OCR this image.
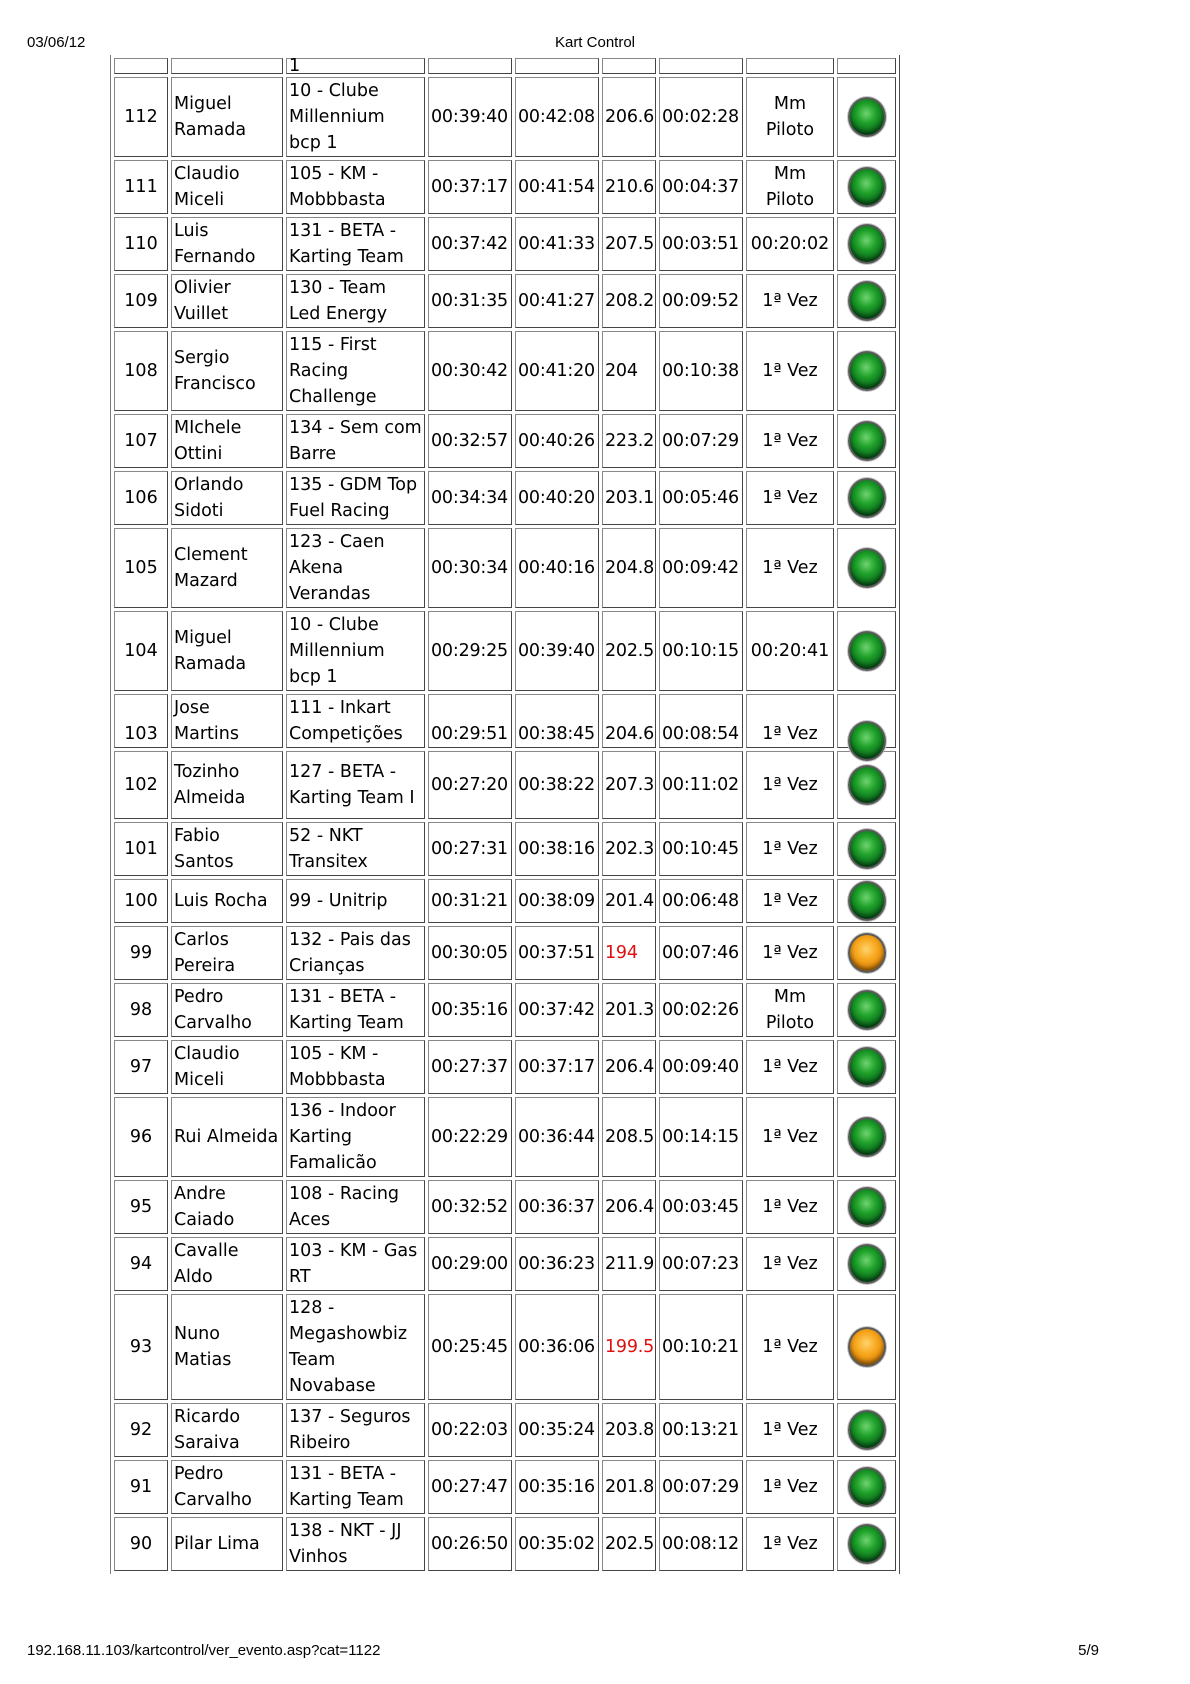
03/06/12	Kart Control
		1						
112	Miguel Ramada	10 - Clube Millennium bcp 1	00:39:40	00:42:08	206.6	00:02:28	Mm Piloto	
111	Claudio Miceli	105 - KM - Mobbbasta	00:37:17	00:41:54	210.6	00:04:37	Mm Piloto	
110	Luis Fernando	131 - BETA - Karting Team	00:37:42	00:41:33	207.5	00:03:51	00:20:02	
109	Olivier Vuillet	130 - Team Led Energy	00:31:35	00:41:27	208.2	00:09:52	1ª Vez	
108	Sergio Francisco	115 - First Racing Challenge	00:30:42	00:41:20	204	00:10:38	1ª Vez	
107	MIchele Ottini	134 - Sem com Barre	00:32:57	00:40:26	223.2	00:07:29	1ª Vez	
106	Orlando Sidoti	135 - GDM Top Fuel Racing	00:34:34	00:40:20	203.1	00:05:46	1ª Vez	
105	Clement Mazard	123 - Caen Akena Verandas	00:30:34	00:40:16	204.8	00:09:42	1ª Vez	
104	Miguel Ramada	10 - Clube Millennium bcp 1	00:29:25	00:39:40	202.5	00:10:15	00:20:41	
103	Jose Martins	111 - Inkart Competições	00:29:51	00:38:45	204.6	00:08:54	1ª Vez	
102	Tozinho Almeida	127 - BETA - Karting Team I	00:27:20	00:38:22	207.3	00:11:02	1ª Vez	
101	Fabio Santos	52 - NKT Transitex	00:27:31	00:38:16	202.3	00:10:45	1ª Vez	
100	Luis Rocha	99 - Unitrip	00:31:21	00:38:09	201.4	00:06:48	1ª Vez	
99	Carlos Pereira	132 - Pais das Crianças	00:30:05	00:37:51	194	00:07:46	1ª Vez	
98	Pedro Carvalho	131 - BETA - Karting Team	00:35:16	00:37:42	201.3	00:02:26	Mm Piloto	
97	Claudio Miceli	105 - KM - Mobbbasta	00:27:37	00:37:17	206.4	00:09:40	1ª Vez	
96	Rui Almeida	136 - Indoor Karting Famalicão	00:22:29	00:36:44	208.5	00:14:15	1ª Vez	
95	Andre Caiado	108 - Racing Aces	00:32:52	00:36:37	206.4	00:03:45	1ª Vez	
94	Cavalle Aldo	103 - KM - Gas RT	00:29:00	00:36:23	211.9	00:07:23	1ª Vez	
93	Nuno Matias	128 - Megashowbiz Team Novabase	00:25:45	00:36:06	199.5	00:10:21	1ª Vez	
92	Ricardo Saraiva	137 - Seguros Ribeiro	00:22:03	00:35:24	203.8	00:13:21	1ª Vez	
91	Pedro Carvalho	131 - BETA - Karting Team	00:27:47	00:35:16	201.8	00:07:29	1ª Vez	
90	Pilar Lima	138 - NKT - JJ Vinhos	00:26:50	00:35:02	202.5	00:08:12	1ª Vez	
192.168.11.103/kartcontrol/ver_evento.asp?cat=1122	5/9
